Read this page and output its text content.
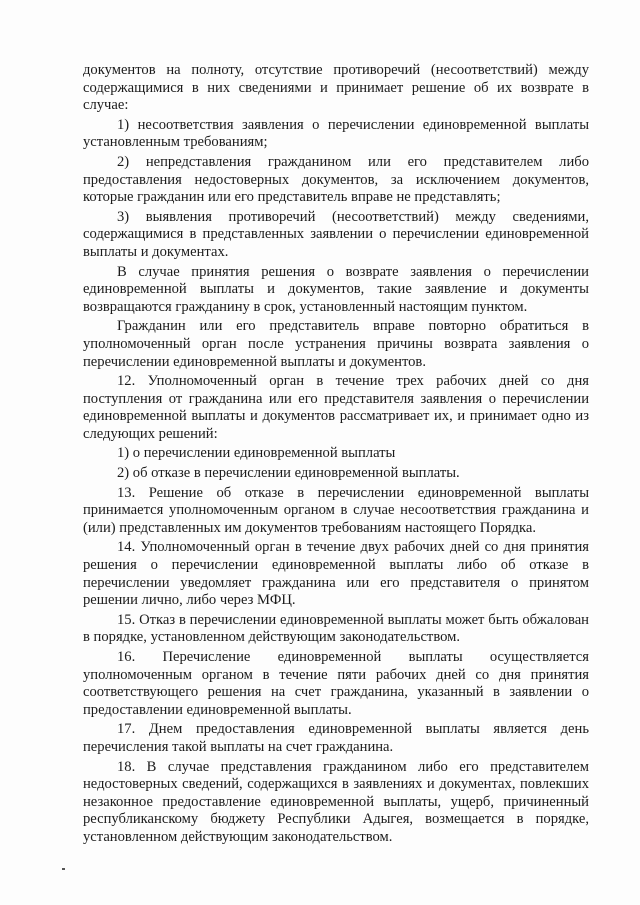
документов на полноту, отсутствие противоречий (несоответствий) между содержащимися в них сведениями и принимает решение об их возврате в случае:

1) несоответствия заявления о перечислении единовременной выплаты установленным требованиям;

2) непредставления гражданином или его представителем либо предоставления недостоверных документов, за исключением документов, которые гражданин или его представитель вправе не представлять;

3) выявления противоречий (несоответствий) между сведениями, содержащимися в представленных заявлении о перечислении единовременной выплаты и документах.

В случае принятия решения о возврате заявления о перечислении единовременной выплаты и документов, такие заявление и документы возвращаются гражданину в срок, установленный настоящим пунктом.

Гражданин или его представитель вправе повторно обратиться в уполномоченный орган после устранения причины возврата заявления о перечислении единовременной выплаты и документов.

12. Уполномоченный орган в течение трех рабочих дней со дня поступления от гражданина или его представителя заявления о перечислении единовременной выплаты и документов рассматривает их, и принимает одно из следующих решений:

1) о перечислении единовременной выплаты

2) об отказе в перечислении единовременной выплаты.

13. Решение об отказе в перечислении единовременной выплаты принимается уполномоченным органом в случае несоответствия гражданина и (или) представленных им документов требованиям настоящего Порядка.

14. Уполномоченный орган в течение двух рабочих дней со дня принятия решения о перечислении единовременной выплаты либо об отказе в перечислении уведомляет гражданина или его представителя о принятом решении лично, либо через МФЦ.

15. Отказ в перечислении единовременной выплаты может быть обжалован в порядке, установленном действующим законодательством.

16. Перечисление единовременной выплаты осуществляется уполномоченным органом в течение пяти рабочих дней со дня принятия соответствующего решения на счет гражданина, указанный в заявлении о предоставлении единовременной выплаты.

17. Днем предоставления единовременной выплаты является день перечисления такой выплаты на счет гражданина.

18. В случае представления гражданином либо его представителем недостоверных сведений, содержащихся в заявлениях и документах, повлекших незаконное предоставление единовременной выплаты, ущерб, причиненный республиканскому бюджету Республики Адыгея, возмещается в порядке, установленном действующим законодательством.
